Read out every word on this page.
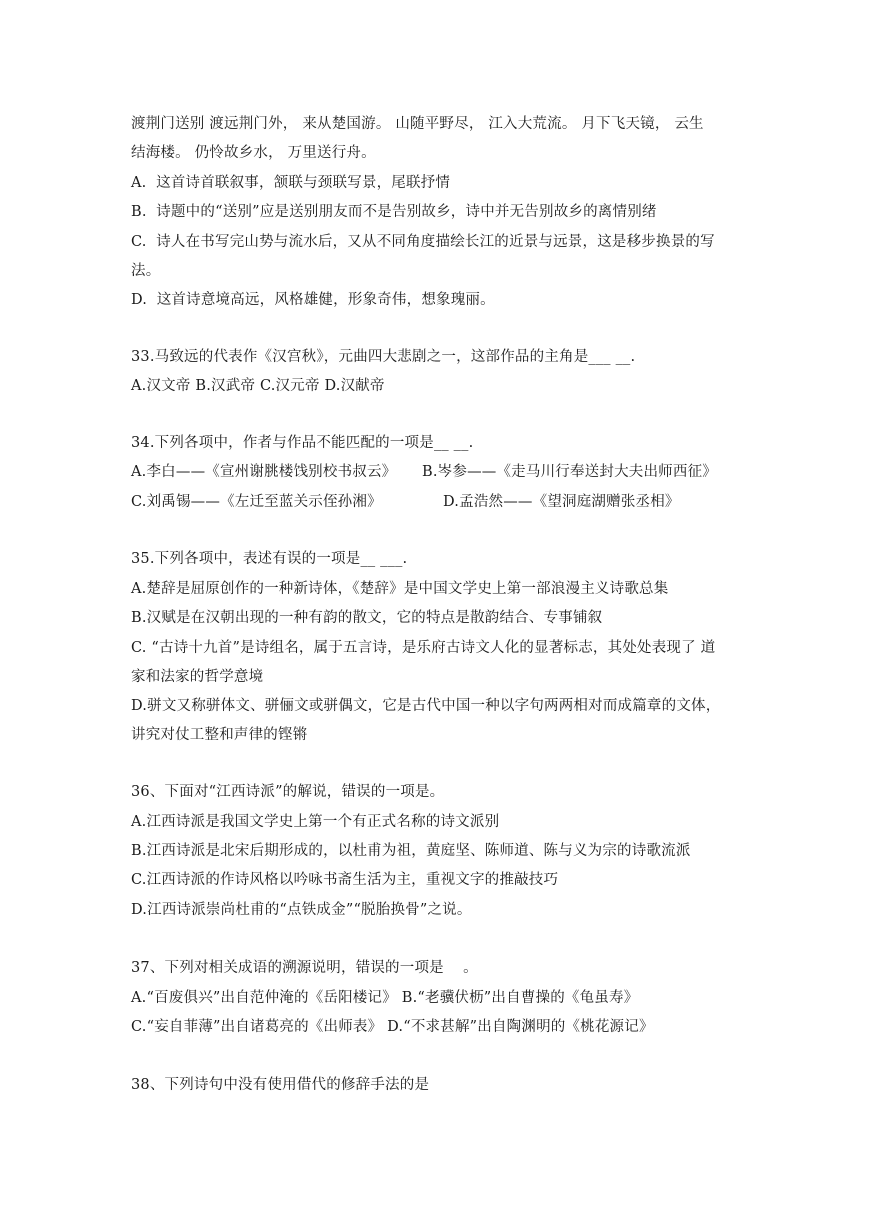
渡荆门送别 渡远荆门外， 来从楚国游。 山随平野尽， 江入大荒流。 月下飞天镜， 云生
结海楼。 仍怜故乡水， 万里送行舟。
A.  这首诗首联叙事，颔联与颈联写景，尾联抒情
B.  诗题中的“送别”应是送别朋友而不是告别故乡，诗中并无告别故乡的离情别绪
C.  诗人在书写完山势与流水后，又从不同角度描绘长江的近景与远景，这是移步换景的写
法。
D.  这首诗意境高远，风格雄健，形象奇伟，想象瑰丽。
33.马致远的代表作《汉宫秋》，元曲四大悲剧之一，这部作品的主角是___ __.
A.汉文帝 B.汉武帝 C.汉元帝 D.汉献帝
34.下列各项中，作者与作品不能匹配的一项是__ __.
A.李白——《宣州谢脁楼饯别校书叔云》 B.岑参——《走马川行奉送封大夫出师西征》
C.刘禹锡——《左迁至蓝关示侄孙湘》	D.孟浩然——《望洞庭湖赠张丞相》
35.下列各项中，表述有误的一项是__ ___.
A.楚辞是屈原创作的一种新诗体，《楚辞》是中国文学史上第一部浪漫主义诗歌总集
B.汉赋是在汉朝出现的一种有韵的散文，它的特点是散韵结合、专事铺叙
C. “古诗十九首”是诗组名，属于五言诗，是乐府古诗文人化的显著标志，其处处表现了 道
家和法家的哲学意境
D.骈文又称骈体文、骈俪文或骈偶文，它是古代中国一种以字句两两相对而成篇章的文体，
讲究对仗工整和声律的铿锵
36、下面对“江西诗派”的解说，错误的一项是。
A.江西诗派是我国文学史上第一个有正式名称的诗文派别
B.江西诗派是北宋后期形成的，以杜甫为祖，黄庭坚、陈师道、陈与义为宗的诗歌流派
C.江西诗派的作诗风格以吟咏书斋生活为主，重视文字的推敲技巧
D.江西诗派崇尚杜甫的“点铁成金”“脱胎换骨”之说。
37、下列对相关成语的溯源说明，错误的一项是    。
A.“百废俱兴”出自范仲淹的《岳阳楼记》 B.“老骥伏枥”出自曹操的《龟虽寿》
C.“妄自菲薄”出自诸葛亮的《出师表》 D.“不求甚解”出自陶渊明的《桃花源记》
38、下列诗句中没有使用借代的修辞手法的是
